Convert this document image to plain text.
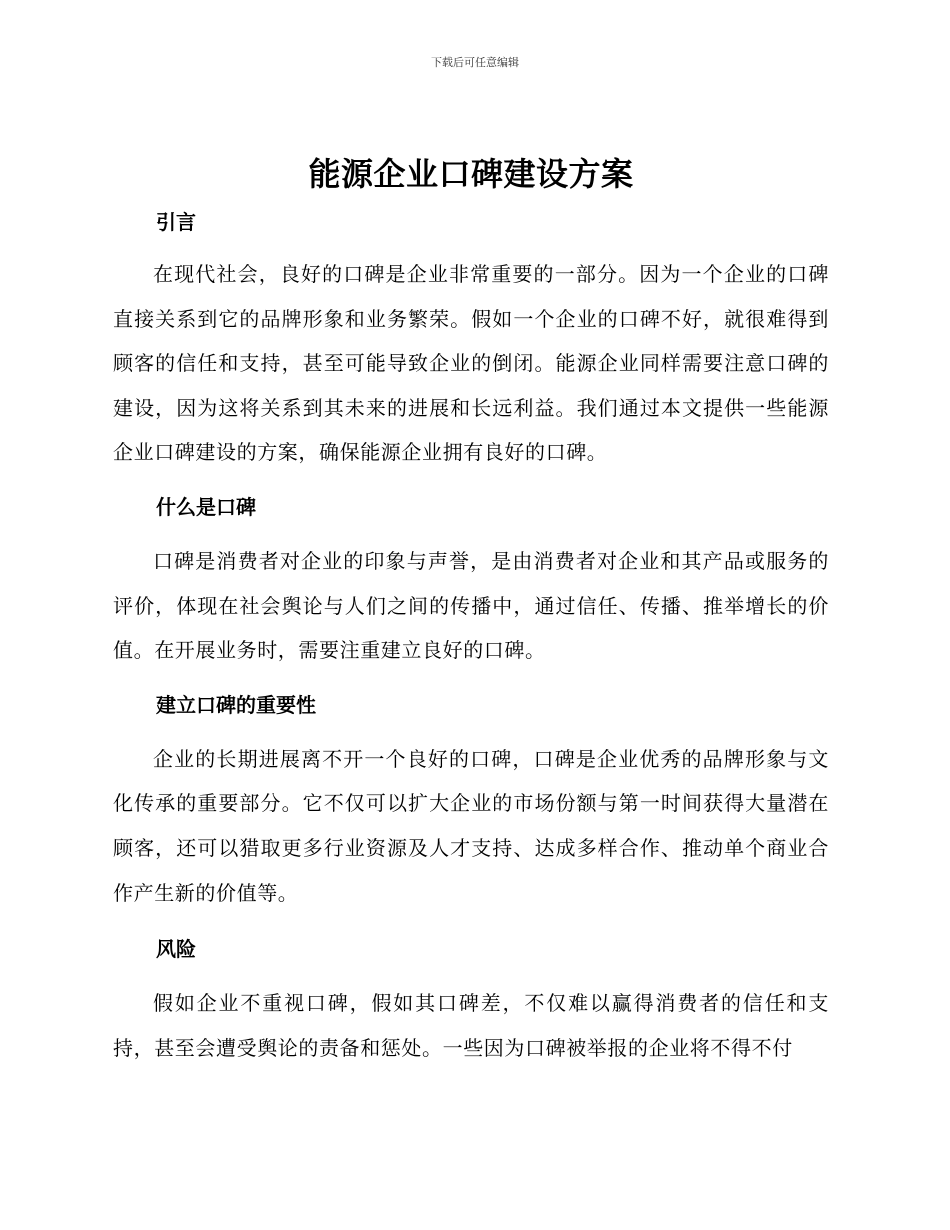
下载后可任意编辑
能源企业口碑建设方案
引言

在现代社会，良好的口碑是企业非常重要的一部分。因为一个企业的口碑直接关系到它的品牌形象和业务繁荣。假如一个企业的口碑不好，就很难得到顾客的信任和支持，甚至可能导致企业的倒闭。能源企业同样需要注意口碑的建设，因为这将关系到其未来的进展和长远利益。我们通过本文提供一些能源企业口碑建设的方案，确保能源企业拥有良好的口碑。

什么是口碑

口碑是消费者对企业的印象与声誉，是由消费者对企业和其产品或服务的评价，体现在社会舆论与人们之间的传播中，通过信任、传播、推举增长的价值。在开展业务时，需要注重建立良好的口碑。

建立口碑的重要性

企业的长期进展离不开一个良好的口碑，口碑是企业优秀的品牌形象与文化传承的重要部分。它不仅可以扩大企业的市场份额与第一时间获得大量潜在顾客，还可以猎取更多行业资源及人才支持、达成多样合作、推动单个商业合作产生新的价值等。

风险

假如企业不重视口碑，假如其口碑差，不仅难以赢得消费者的信任和支持，甚至会遭受舆论的责备和惩处。一些因为口碑被举报的企业将不得不付
